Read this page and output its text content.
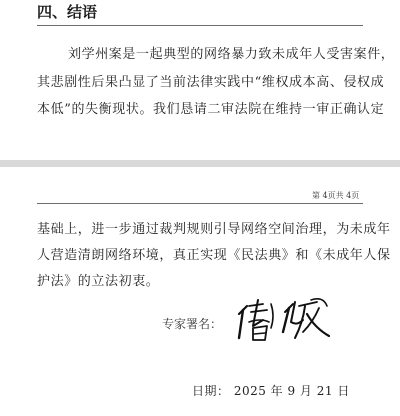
四、结语
刘学州案是一起典型的网络暴力致未成年人受害案件，
其悲剧性后果凸显了当前法律实践中“维权成本高、侵权成
本低”的失衡现状。我们恳请二审法院在维持一审正确认定
第 4页共 4页
基础上，进一步通过裁判规则引导网络空间治理，为未成年
人营造清朗网络环境，真正实现《民法典》和《未成年人保
护法》的立法初衷。
专家署名：
日期： 2025 年 9 月 21 日
